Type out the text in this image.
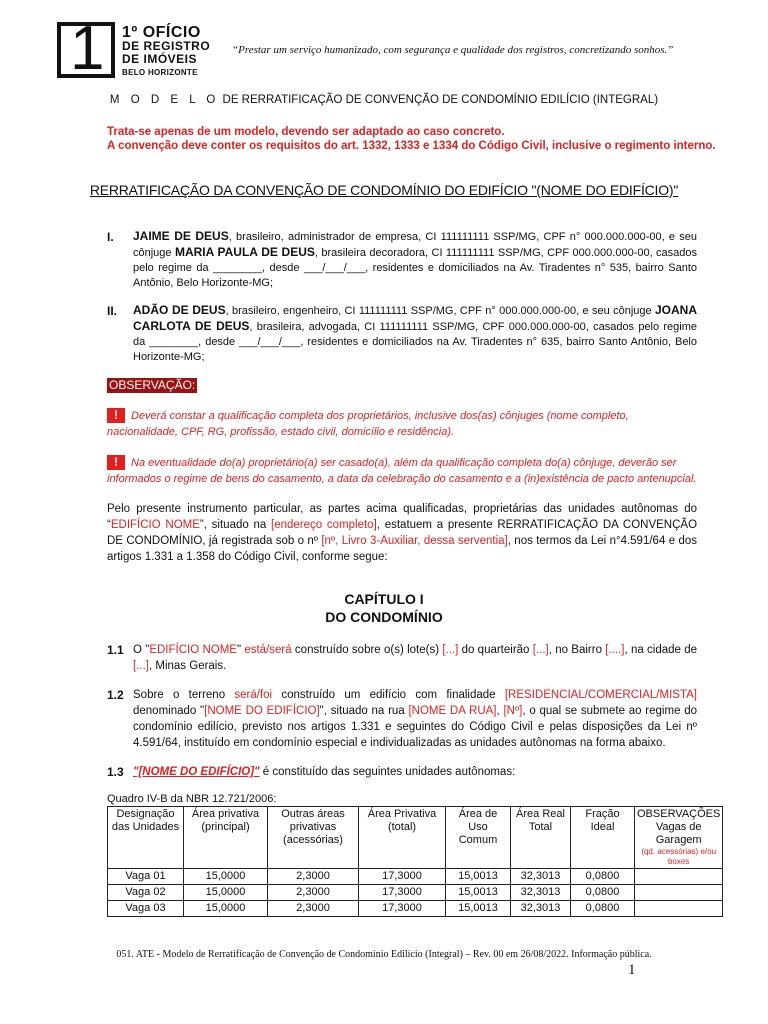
1 1º OFÍCIO
DE REGISTRO
DE IMÓVEIS
BELO HORIZONTE
“Prestar um serviço humanizado, com segurança e qualidade dos registros, concretizando sonhos.”
M O D E L O DE RERRATIFICAÇÃO DE CONVENÇÃO DE CONDOMÍNIO EDILÍCIO (INTEGRAL)
Trata-se apenas de um modelo, devendo ser adaptado ao caso concreto.
A convenção deve conter os requisitos do art. 1332, 1333 e 1334 do Código Civil, inclusive o regimento interno.
RERRATIFICAÇÃO DA CONVENÇÃO DE CONDOMÍNIO DO EDIFÍCIO "(NOME DO EDIFÍCIO)"
I. JAIME DE DEUS, brasileiro, administrador de empresa, CI 111111111 SSP/MG, CPF n° 000.000.000-00, e seu cônjuge MARIA PAULA DE DEUS, brasileira decoradora, CI 111111111 SSP/MG, CPF 000.000.000-00, casados pelo regime da ________, desde ___/___/___, residentes e domiciliados na Av. Tiradentes n° 535, bairro Santo Antônio, Belo Horizonte-MG;
II. ADÃO DE DEUS, brasileiro, engenheiro, CI 111111111 SSP/MG, CPF n° 000.000.000-00, e seu cônjuge JOANA CARLOTA DE DEUS, brasileira, advogada, CI 111111111 SSP/MG, CPF 000.000.000-00, casados pelo regime da ________, desde ___/___/___, residentes e domiciliados na Av. Tiradentes n° 635, bairro Santo Antônio, Belo Horizonte-MG;
OBSERVAÇÃO:
! Deverá constar a qualificação completa dos proprietários, inclusive dos(as) cônjuges (nome completo, nacionalidade, CPF, RG, profissão, estado civil, domicílio e residência).
! Na eventualidade do(a) proprietário(a) ser casado(a), além da qualificação completa do(a) cônjuge, deverão ser informados o regime de bens do casamento, a data da celebração do casamento e a (in)existência de pacto antenupcial.
Pelo presente instrumento particular, as partes acima qualificadas, proprietárias das unidades autônomas do “EDIFÍCIO NOME”, situado na [endereço completo], estatuem a presente RERRATIFICAÇÃO DA CONVENÇÃO DE CONDOMÍNIO, já registrada sob o nº [nº, Livro 3-Auxiliar, dessa serventia], nos termos da Lei n°4.591/64 e dos artigos 1.331 a 1.358 do Código Civil, conforme segue:
CAPÍTULO I
DO CONDOMÍNIO
1.1 O "EDIFÍCIO NOME" está/será construído sobre o(s) lote(s) [...] do quarteirão [...], no Bairro [....], na cidade de [...], Minas Gerais.
1.2 Sobre o terreno será/foi construído um edifício com finalidade [RESIDENCIAL/COMERCIAL/MISTA] denominado "[NOME DO EDIFÍCIO]", situado na rua [NOME DA RUA], [Nº], o qual se submete ao regime do condomínio edilício, previsto nos artigos 1.331 e seguintes do Código Civil e pelas disposições da Lei nº 4.591/64, instituído em condomínio especial e individualizadas as unidades autônomas na forma abaixo.
1.3 "[NOME DO EDIFÍCIO]" é constituído das seguintes unidades autônomas:
Quadro IV-B da NBR 12.721/2006:
Designação das Unidades	Área privativa (principal)	Outras áreas privativas (acessórias)	Área Privativa (total)	Área de Uso Comum	Área Real Total	Fração Ideal	OBSERVAÇÕES Vagas de Garagem
(qd. acessórias) e/ou boxes

Vaga 01	15,0000	2,3000	17,3000	15,0013	32,3013	0,0800	
Vaga 02	15,0000	2,3000	17,3000	15,0013	32,3013	0,0800	
Vaga 03	15,0000	2,3000	17,3000	15,0013	32,3013	0,0800	
051. ATE - Modelo de Rerratificação de Convenção de Condomínio Edilício (Integral) – Rev. 00 em 26/08/2022. Informação pública.
1
